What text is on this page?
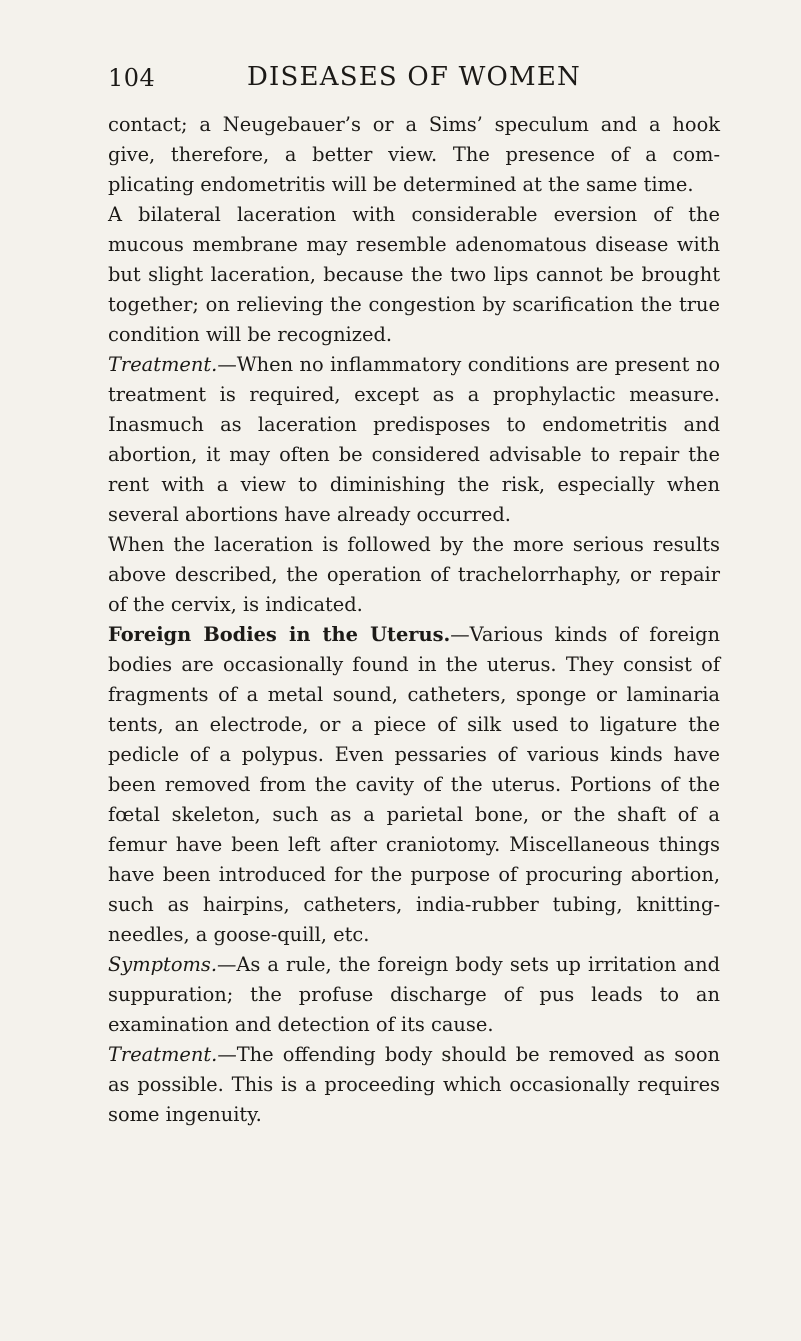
104	DISEASES OF WOMEN

contact; a Neugebauer’s or a Sims’ speculum and a hook give, therefore, a better view. The presence of a com-plicating endometritis will be determined at the same time.

A bilateral laceration with considerable eversion of the mucous membrane may resemble adenomatous disease with but slight laceration, because the two lips cannot be brought together; on relieving the congestion by scarification the true condition will be recognized.

Treatment.—When no inflammatory conditions are present no treatment is required, except as a prophylactic measure. Inasmuch as laceration predisposes to endometritis and abortion, it may often be considered advisable to repair the rent with a view to diminishing the risk, especially when several abortions have already occurred.

When the laceration is followed by the more serious results above described, the operation of trachelorrhaphy, or repair of the cervix, is indicated.

Foreign Bodies in the Uterus.—Various kinds of foreign bodies are occasionally found in the uterus. They consist of fragments of a metal sound, catheters, sponge or laminaria tents, an electrode, or a piece of silk used to ligature the pedicle of a polypus. Even pessaries of various kinds have been removed from the cavity of the uterus. Portions of the fœtal skeleton, such as a parietal bone, or the shaft of a femur have been left after craniotomy. Miscellaneous things have been introduced for the purpose of procuring abortion, such as hairpins, catheters, india-rubber tubing, knitting-needles, a goose-quill, etc.

Symptoms.—As a rule, the foreign body sets up irritation and suppuration; the profuse discharge of pus leads to an examination and detection of its cause.

Treatment.—The offending body should be removed as soon as possible. This is a proceeding which occasionally requires some ingenuity.
